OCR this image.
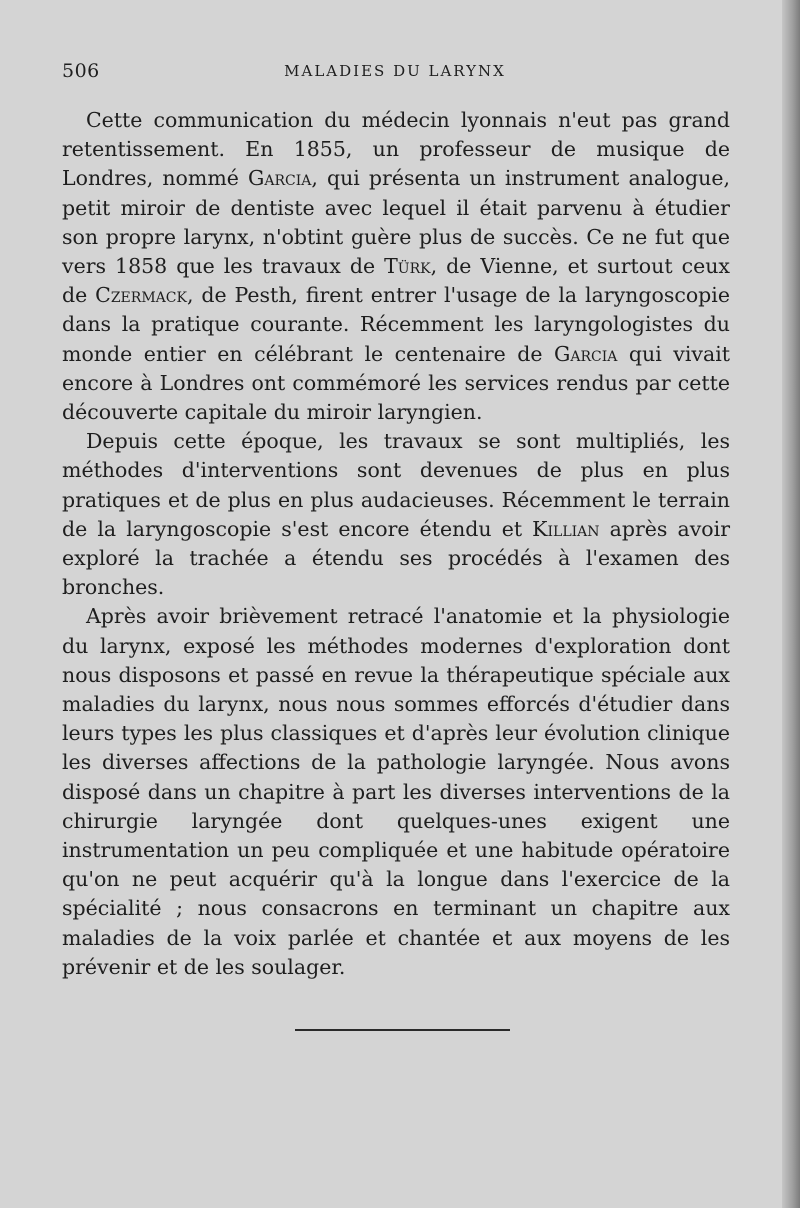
506	MALADIES DU LARYNX

Cette communication du médecin lyonnais n'eut pas grand retentissement. En 1855, un professeur de musique de Londres, nommé Garcia, qui présenta un instrument analogue, petit miroir de dentiste avec lequel il était parvenu à étudier son propre larynx, n'obtint guère plus de succès. Ce ne fut que vers 1858 que les travaux de Türk, de Vienne, et surtout ceux de Czermack, de Pesth, firent entrer l'usage de la laryngoscopie dans la pratique courante. Récemment les laryngologistes du monde entier en célébrant le centenaire de Garcia qui vivait encore à Londres ont commémoré les services rendus par cette découverte capitale du miroir laryngien.

Depuis cette époque, les travaux se sont multipliés, les méthodes d'interventions sont devenues de plus en plus pratiques et de plus en plus audacieuses. Récemment le terrain de la laryngoscopie s'est encore étendu et Killian après avoir exploré la trachée a étendu ses procédés à l'examen des bronches.

Après avoir brièvement retracé l'anatomie et la physiologie du larynx, exposé les méthodes modernes d'exploration dont nous disposons et passé en revue la thérapeutique spéciale aux maladies du larynx, nous nous sommes efforcés d'étudier dans leurs types les plus classiques et d'après leur évolution clinique les diverses affections de la pathologie laryngée. Nous avons disposé dans un chapitre à part les diverses interventions de la chirurgie laryngée dont quelques-unes exigent une instrumentation un peu compliquée et une habitude opératoire qu'on ne peut acquérir qu'à la longue dans l'exercice de la spécialité ; nous consacrons en terminant un chapitre aux maladies de la voix parlée et chantée et aux moyens de les prévenir et de les soulager.
